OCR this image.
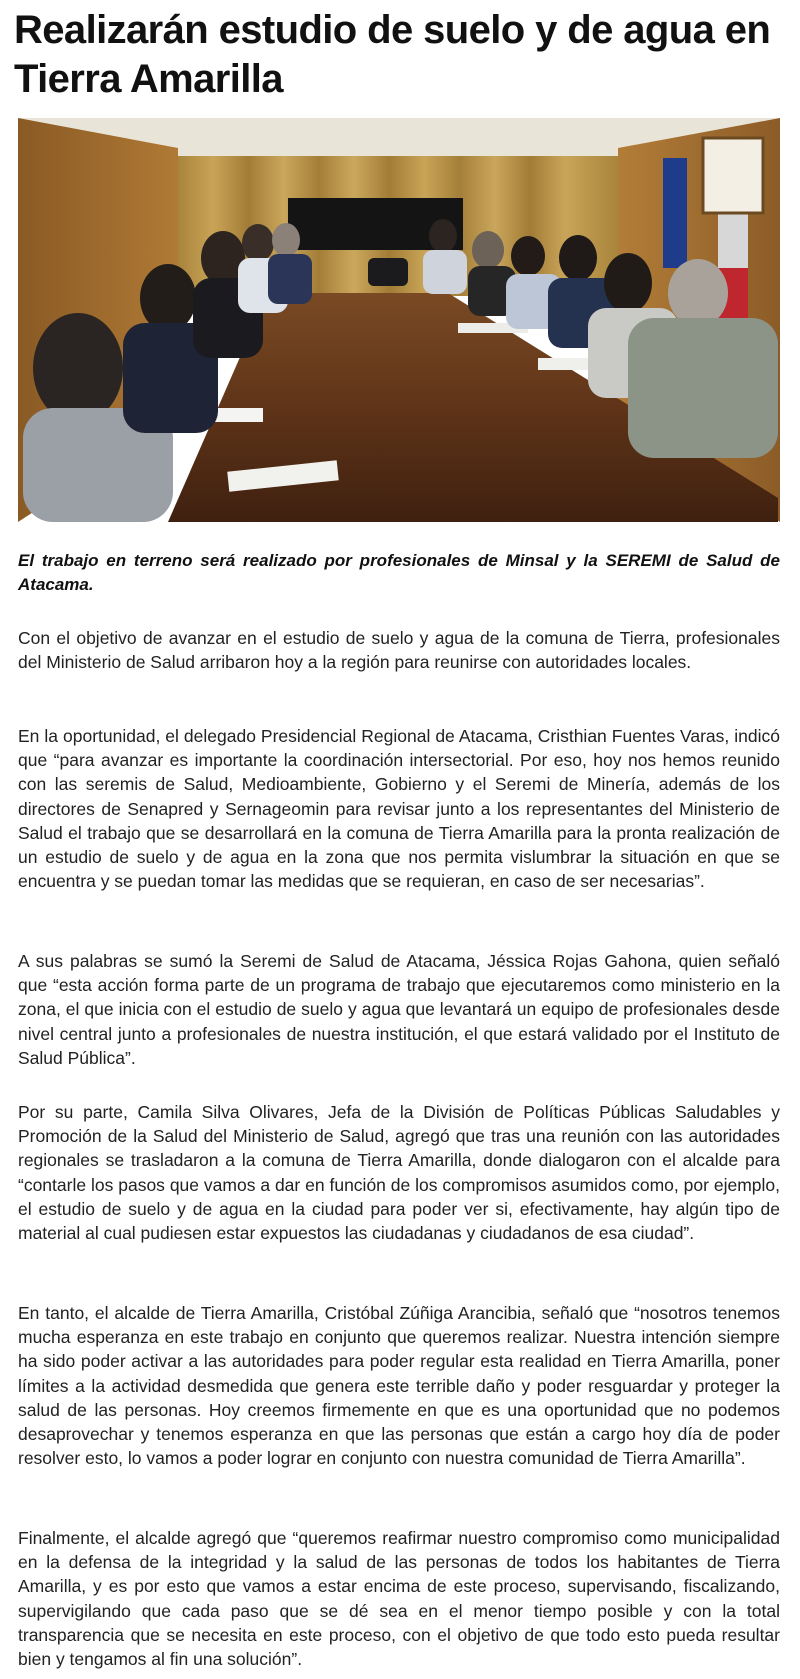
Realizarán estudio de suelo y de agua en Tierra Amarilla

El trabajo en terreno será realizado por profesionales de Minsal y la SEREMI de Salud de Atacama.

Con el objetivo de avanzar en el estudio de suelo y agua de la comuna de Tierra, profesionales del Ministerio de Salud arribaron hoy a la región para reunirse con autoridades locales.

En la oportunidad, el delegado Presidencial Regional de Atacama, Cristhian Fuentes Varas, indicó que “para avanzar es importante la coordinación intersectorial. Por eso, hoy nos hemos reunido con las seremis de Salud, Medioambiente, Gobierno y el Seremi de Minería, además de los directores de Senapred y Sernageomin para revisar junto a los representantes del Ministerio de Salud el trabajo que se desarrollará en la comuna de Tierra Amarilla para la pronta realización de un estudio de suelo y de agua en la zona que nos permita vislumbrar la situación en que se encuentra y se puedan tomar las medidas que se requieran, en caso de ser necesarias”.

A sus palabras se sumó la Seremi de Salud de Atacama, Jéssica Rojas Gahona, quien señaló que “esta acción forma parte de un programa de trabajo que ejecutaremos como ministerio en la zona, el que inicia con el estudio de suelo y agua que levantará un equipo de profesionales desde nivel central junto a profesionales de nuestra institución, el que estará validado por el Instituto de Salud Pública”.

Por su parte, Camila Silva Olivares, Jefa de la División de Políticas Públicas Saludables y Promoción de la Salud del Ministerio de Salud, agregó que tras una reunión con las autoridades regionales se trasladaron a la comuna de Tierra Amarilla, donde dialogaron con el alcalde para “contarle los pasos que vamos a dar en función de los compromisos asumidos como, por ejemplo, el estudio de suelo y de agua en la ciudad para poder ver si, efectivamente, hay algún tipo de material al cual pudiesen estar expuestos las ciudadanas y ciudadanos de esa ciudad”.

En tanto, el alcalde de Tierra Amarilla, Cristóbal Zúñiga Arancibia, señaló que “nosotros tenemos mucha esperanza en este trabajo en conjunto que queremos realizar. Nuestra intención siempre ha sido poder activar a las autoridades para poder regular esta realidad en Tierra Amarilla, poner límites a la actividad desmedida que genera este terrible daño y poder resguardar y proteger la salud de las personas. Hoy creemos firmemente en que es una oportunidad que no podemos desaprovechar y tenemos esperanza en que las personas que están a cargo hoy día de poder resolver esto, lo vamos a poder lograr en conjunto con nuestra comunidad de Tierra Amarilla”.

Finalmente, el alcalde agregó que “queremos reafirmar nuestro compromiso como municipalidad en la defensa de la integridad y la salud de las personas de todos los habitantes de Tierra Amarilla, y es por esto que vamos a estar encima de este proceso, supervisando, fiscalizando, supervigilando que cada paso que se dé sea en el menor tiempo posible y con la total transparencia que se necesita en este proceso, con el objetivo de que todo esto pueda resultar bien y tengamos al fin una solución”.
